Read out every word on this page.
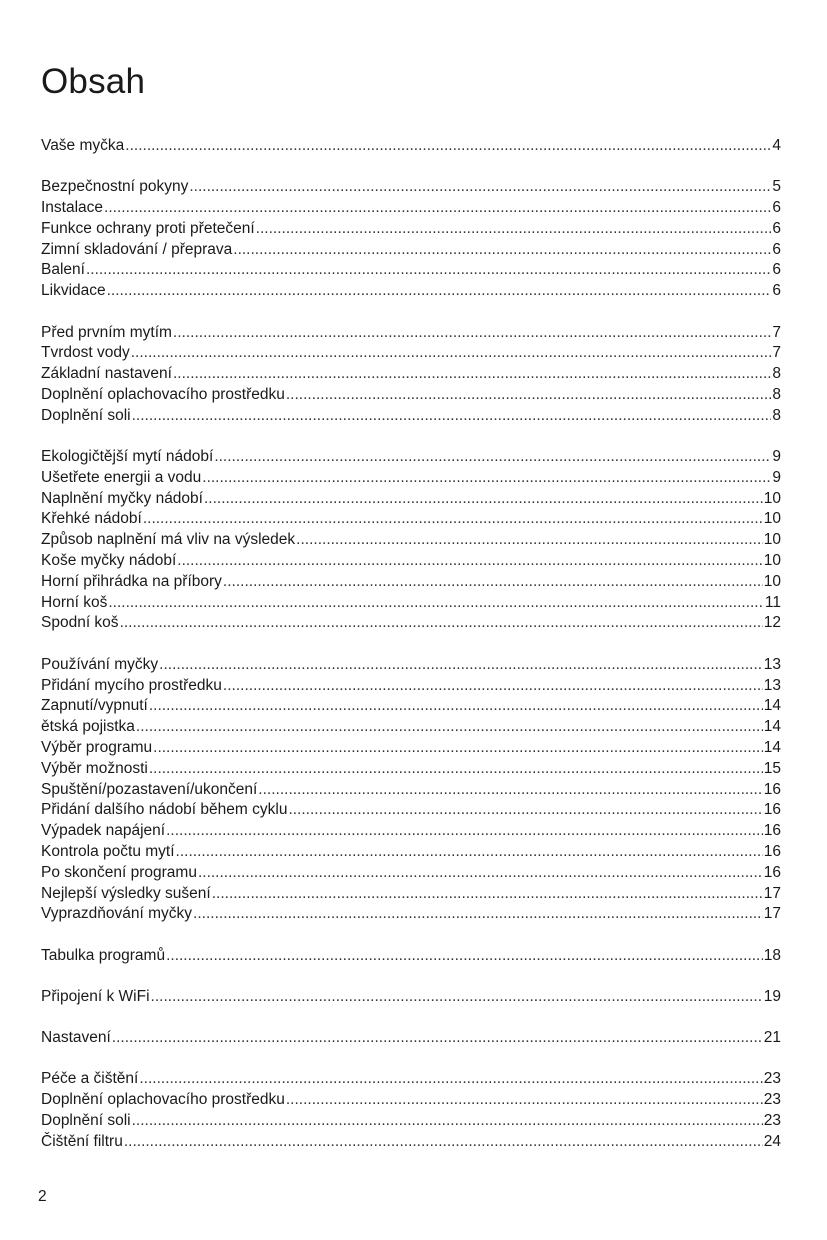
Obsah
Vaše myčka .....	4
Bezpečnostní pokyny .....	5
Instalace .....	6
Funkce ochrany proti přetečení .....	6
Zimní skladování / přeprava .....	6
Balení .....	6
Likvidace .....	6
Před prvním mytím .....	7
Tvrdost vody .....	7
Základní nastavení .....	8
Doplnění oplachovacího prostředku .....	8
Doplnění soli .....	8
Ekologičtější mytí nádobí .....	9
Ušetřete energii a vodu .....	9
Naplnění myčky nádobí .....	10
Křehké nádobí .....	10
Způsob naplnění má vliv na výsledek .....	10
Koše myčky nádobí .....	10
Horní přihrádka na příbory .....	10
Horní koš .....	11
Spodní koš .....	12
Používání myčky .....	13
Přidání mycího prostředku .....	13
Zapnutí/vypnutí .....	14
ětská pojistka .....	14
Výběr programu .....	14
Výběr možnosti .....	15
Spuštění/pozastavení/ukončení .....	16
Přidání dalšího nádobí během cyklu .....	16
Výpadek napájení .....	16
Kontrola počtu mytí .....	16
Po skončení programu .....	16
Nejlepší výsledky sušení .....	17
Vyprazdňování myčky .....	17
Tabulka programů .....	18
Připojení k WiFi .....	19
Nastavení .....	21
Péče a čištění .....	23
Doplnění oplachovacího prostředku .....	23
Doplnění soli .....	23
Čištění filtru .....	24
2
